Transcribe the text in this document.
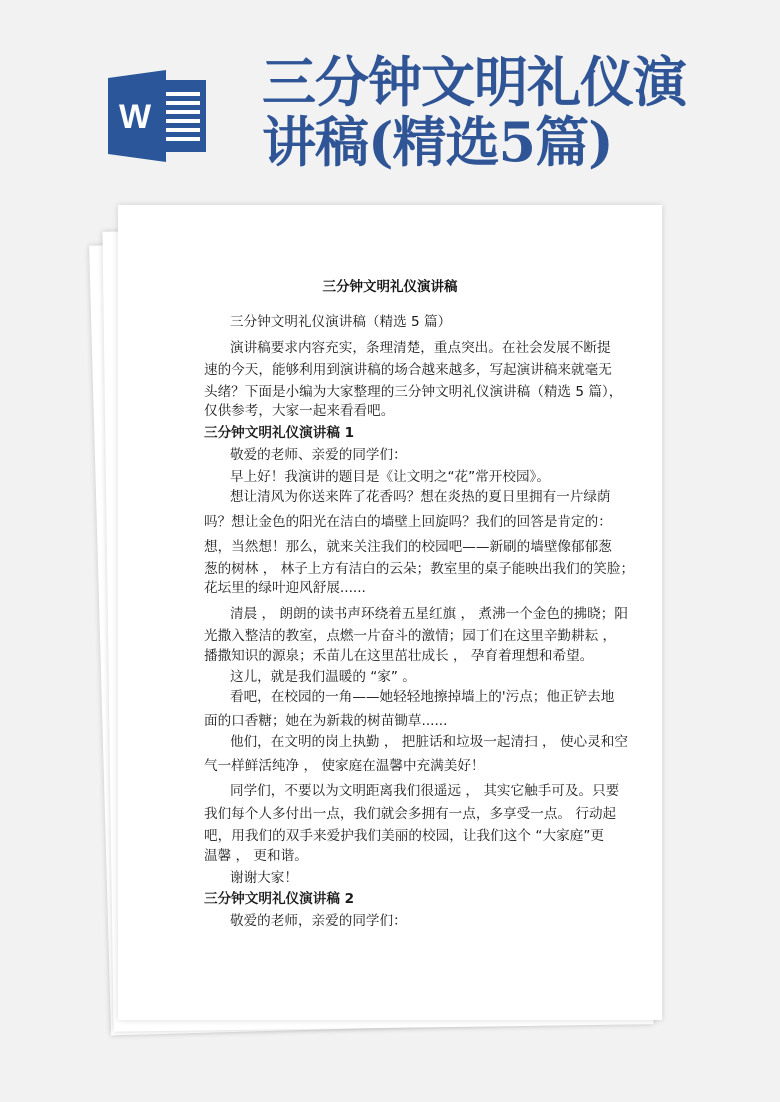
W
三分钟文明礼仪演
讲稿(精选5篇)
三分钟文明礼仪演讲稿
三分钟文明礼仪演讲稿（精选 5 篇）
演讲稿要求内容充实，条理清楚，重点突出。在社会发展不断提
速的今天，能够利用到演讲稿的场合越来越多，写起演讲稿来就毫无
头绪？下面是小编为大家整理的三分钟文明礼仪演讲稿（精选 5 篇），
仅供参考，大家一起来看看吧。
三分钟文明礼仪演讲稿 1
敬爱的老师、亲爱的同学们：
早上好！我演讲的题目是《让文明之“花”常开校园》。
想让清风为你送来阵了花香吗？想在炎热的夏日里拥有一片绿荫
吗？想让金色的阳光在洁白的墙壁上回旋吗？我们的回答是肯定的：
想，当然想！那么，就来关注我们的校园吧——新刷的墙壁像郁郁葱
葱的树林 ， 林子上方有洁白的云朵；教室里的桌子能映出我们的笑脸；
花坛里的绿叶迎风舒展......
清晨 ， 朗朗的读书声环绕着五星红旗 ， 煮沸一个金色的拂晓；阳
光撒入整洁的教室，点燃一片奋斗的激情；园丁们在这里辛勤耕耘 ，
播撒知识的源泉；禾苗儿在这里茁壮成长 ， 孕育着理想和希望。
这儿，就是我们温暖的 “家” 。
看吧，在校园的一角——她轻轻地擦掉墙上的'污点；他正铲去地
面的口香糖；她在为新栽的树苗锄草......
他们，在文明的岗上执勤 ， 把脏话和垃圾一起清扫 ， 使心灵和空
气一样鲜活纯净 ， 使家庭在温馨中充满美好！
同学们，不要以为文明距离我们很遥远 ， 其实它触手可及。只要
我们每个人多付出一点，我们就会多拥有一点，多享受一点。 行动起
吧，用我们的双手来爱护我们美丽的校园，让我们这个 “大家庭”更
温馨 ， 更和谐。
谢谢大家！
三分钟文明礼仪演讲稿 2
敬爱的老师，亲爱的同学们：
